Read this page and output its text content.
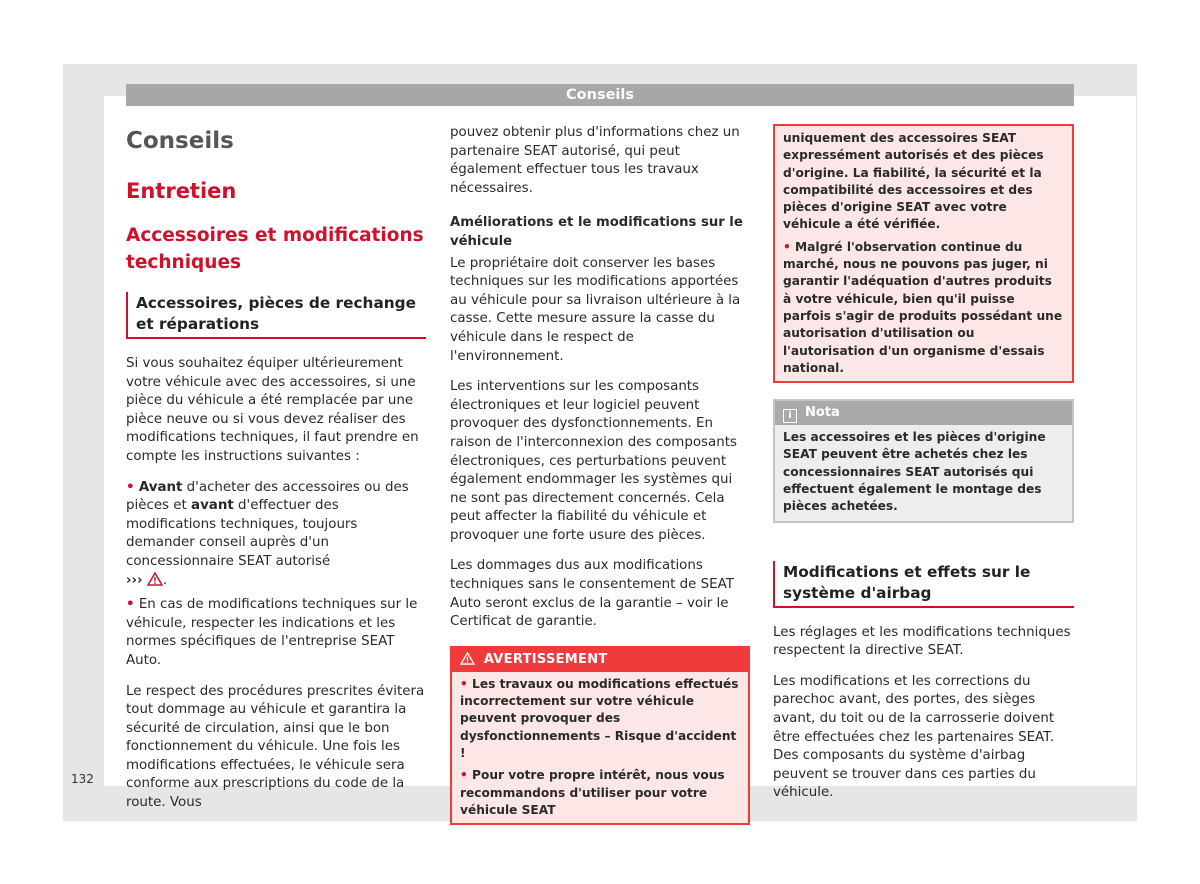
Conseils
Conseils
Entretien
Accessoires et modifications techniques
Accessoires, pièces de rechange et réparations

Si vous souhaitez équiper ultérieurement votre véhicule avec des accessoires, si une pièce du véhicule a été remplacée par une pièce neuve ou si vous devez réaliser des modifications techniques, il faut prendre en compte les instructions suivantes :

• Avant d'acheter des accessoires ou des pièces et avant d'effectuer des modifications techniques, toujours demander conseil auprès d'un concessionnaire SEAT autorisé
››› .

• En cas de modifications techniques sur le véhicule, respecter les indications et les normes spécifiques de l'entreprise SEAT Auto.

Le respect des procédures prescrites évitera tout dommage au véhicule et garantira la sécurité de circulation, ainsi que le bon fonctionnement du véhicule. Une fois les modifications effectuées, le véhicule sera conforme aux prescriptions du code de la route. Vous

pouvez obtenir plus d'informations chez un partenaire SEAT autorisé, qui peut également effectuer tous les travaux nécessaires.

Améliorations et le modifications sur le véhicule

Le propriétaire doit conserver les bases techniques sur les modifications apportées au véhicule pour sa livraison ultérieure à la casse. Cette mesure assure la casse du véhicule dans le respect de l'environnement.

Les interventions sur les composants électroniques et leur logiciel peuvent provoquer des dysfonctionnements. En raison de l'interconnexion des composants électroniques, ces perturbations peuvent également endommager les systèmes qui ne sont pas directement concernés. Cela peut affecter la fiabilité du véhicule et provoquer une forte usure des pièces.

Les dommages dus aux modifications techniques sans le consentement de SEAT Auto seront exclus de la garantie – voir le Certificat de garantie.

AVERTISSEMENT

• Les travaux ou modifications effectués incorrectement sur votre véhicule peuvent provoquer des dysfonctionnements – Risque d'accident !

• Pour votre propre intérêt, nous vous recommandons d'utiliser pour votre véhicule SEAT

uniquement des accessoires SEAT expressément autorisés et des pièces d'origine. La fiabilité, la sécurité et la compatibilité des accessoires et des pièces d'origine SEAT avec votre véhicule a été vérifiée.

• Malgré l'observation continue du marché, nous ne pouvons pas juger, ni garantir l'adéquation d'autres produits à votre véhicule, bien qu'il puisse parfois s'agir de produits possédant une autorisation d'utilisation ou l'autorisation d'un organisme d'essais national.

i Nota
Les accessoires et les pièces d'origine SEAT peuvent être achetés chez les concessionnaires SEAT autorisés qui effectuent également le montage des pièces achetées.
Modifications et effets sur le système d'airbag

Les réglages et les modifications techniques respectent la directive SEAT.

Les modifications et les corrections du parechoc avant, des portes, des sièges avant, du toit ou de la carrosserie doivent être effectuées chez les partenaires SEAT. Des composants du système d'airbag peuvent se trouver dans ces parties du véhicule.

132
